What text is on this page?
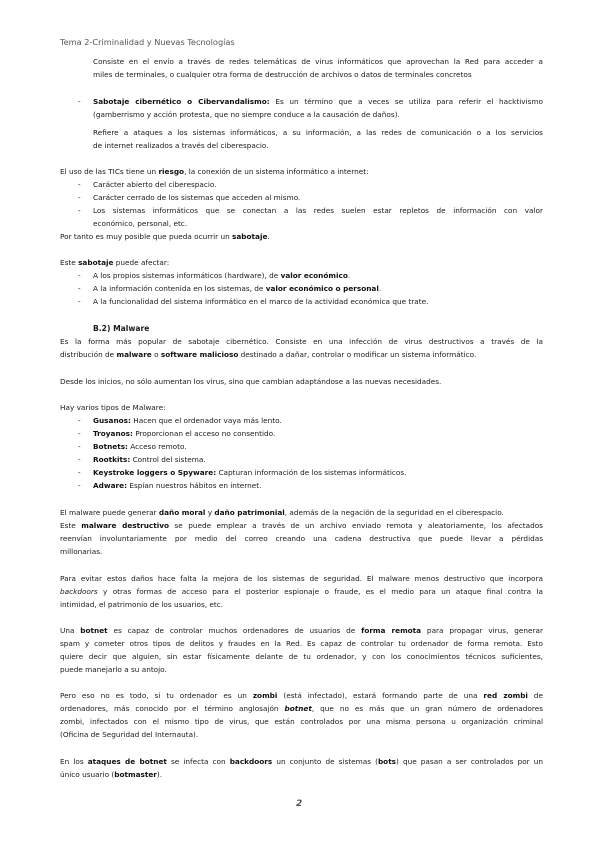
Tema 2-Criminalidad y Nuevas Tecnologías
Consiste en el envío a través de redes telemáticas de virus informáticos que aprovechan la Red para acceder a
miles de terminales, o cualquier otra forma de destrucción de archivos o datos de terminales concretos
- Sabotaje cibernético o Cibervandalismo: Es un término que a veces se utiliza para referir el hacktivismo
(gamberrismo y acción protesta, que no siempre conduce a la causación de daños).
Refiere a ataques a los sistemas informáticos, a su información, a las redes de comunicación o a los servicios
de internet realizados a través del ciberespacio.
El uso de las TICs tiene un riesgo, la conexión de un sistema informático a internet:
- Carácter abierto del ciberespacio.
- Carácter cerrado de los sistemas que acceden al mismo.
- Los sistemas informáticos que se conectan a las redes suelen estar repletos de información con valor
económico, personal, etc.
Por tanto es muy posible que pueda ocurrir un sabotaje.
Este sabotaje puede afectar:
- A los propios sistemas informáticos (hardware), de valor económico.
- A la información contenida en los sistemas, de valor económico o personal.
- A la funcionalidad del sistema informático en el marco de la actividad económica que trate.
B.2) Malware
Es la forma más popular de sabotaje cibernético. Consiste en una infección de virus destructivos a través de la
distribución de malware o software malicioso destinado a dañar, controlar o modificar un sistema informático.
Desde los inicios, no sólo aumentan los virus, sino que cambian adaptándose a las nuevas necesidades.
Hay varios tipos de Malware:
- Gusanos: Hacen que el ordenador vaya más lento.
- Troyanos: Proporcionan el acceso no consentido.
- Botnets: Acceso remoto.
- Rootkits: Control del sistema.
- Keystroke loggers o Spyware: Capturan información de los sistemas informáticos.
- Adware: Espían nuestros hábitos en internet.
El malware puede generar daño moral y daño patrimonial, además de la negación de la seguridad en el ciberespacio.
Este malware destructivo se puede emplear a través de un archivo enviado remota y aleatoriamente, los afectados
reenvían involuntariamente por medio del correo creando una cadena destructiva que puede llevar a pérdidas
millonarias.
Para evitar estos daños hace falta la mejora de los sistemas de seguridad. El malware menos destructivo que incorpora
backdoors y otras formas de acceso para el posterior espionaje o fraude, es el medio para un ataque final contra la
intimidad, el patrimonio de los usuarios, etc.
Una botnet es capaz de controlar muchos ordenadores de usuarios de forma remota para propagar virus, generar
spam y cometer otros tipos de delitos y fraudes en la Red. Es capaz de controlar tu ordenador de forma remota. Esto
quiere decir que alguien, sin estar físicamente delante de tu ordenador, y con los conocimientos técnicos suficientes,
puede manejarlo a su antojo.
Pero eso no es todo, si tu ordenador es un zombi (está infectado), estará formando parte de una red zombi de
ordenadores, más conocido por el término anglosajón botnet, que no es más que un gran número de ordenadores
zombi, infectados con el mismo tipo de virus, que están controlados por una misma persona u organización criminal
(Oficina de Seguridad del Internauta).
En los ataques de botnet se infecta con backdoors un conjunto de sistemas (bots) que pasan a ser controlados por un
único usuario (botmaster).
2
